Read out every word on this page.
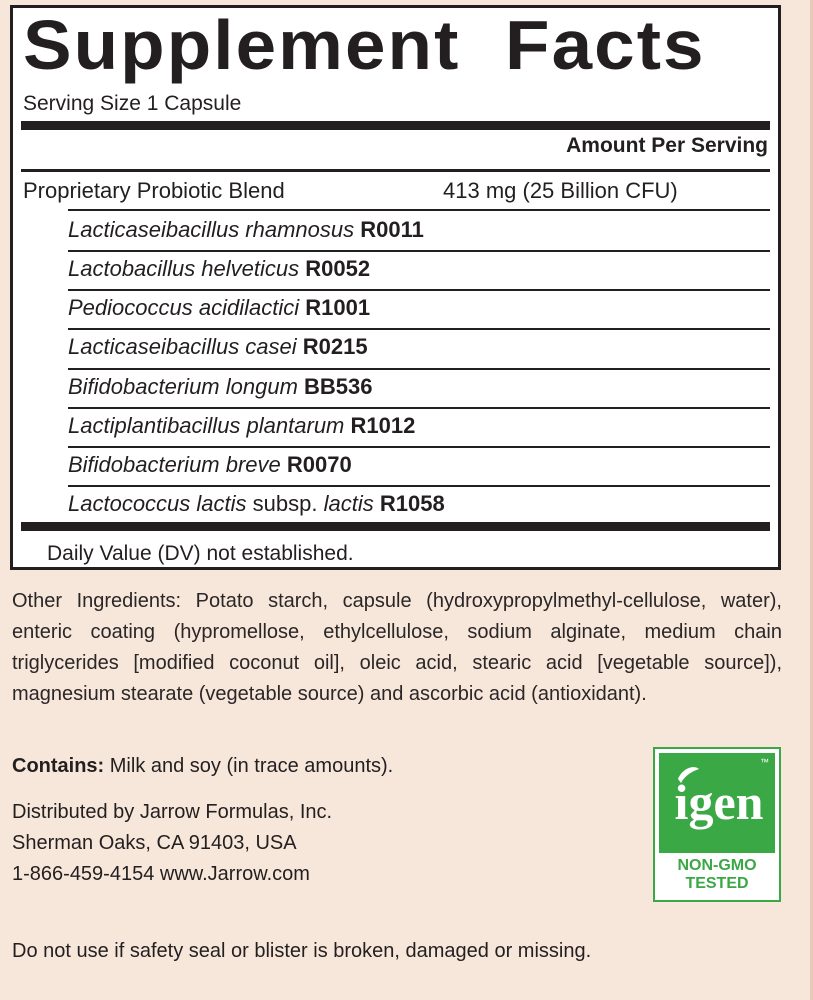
Supplement  Facts
Serving Size 1 Capsule
Amount Per Serving
Proprietary Probiotic Blend	413 mg (25 Billion CFU)
Lacticaseibacillus rhamnosus R0011
Lactobacillus helveticus R0052
Pediococcus acidilactici R1001
Lacticaseibacillus casei R0215
Bifidobacterium longum BB536
Lactiplantibacillus plantarum R1012
Bifidobacterium breve R0070
Lactococcus lactis subsp. lactis R1058
Daily Value (DV) not established.
Other Ingredients: Potato starch, capsule (hydroxypropylmethyl-cellulose, water), enteric coating (hypromellose, ethylcellulose, sodium alginate, medium chain triglycerides [modified coconut oil], oleic acid, stearic acid [vegetable source]), magnesium stearate (vegetable source) and ascorbic acid (antioxidant).
Contains: Milk and soy (in trace amounts).
Distributed by Jarrow Formulas, Inc.
Sherman Oaks, CA 91403, USA
1-866-459-4154 www.Jarrow.com
igen
™
NON-GMO
TESTED
Do not use if safety seal or blister is broken, damaged or missing.
